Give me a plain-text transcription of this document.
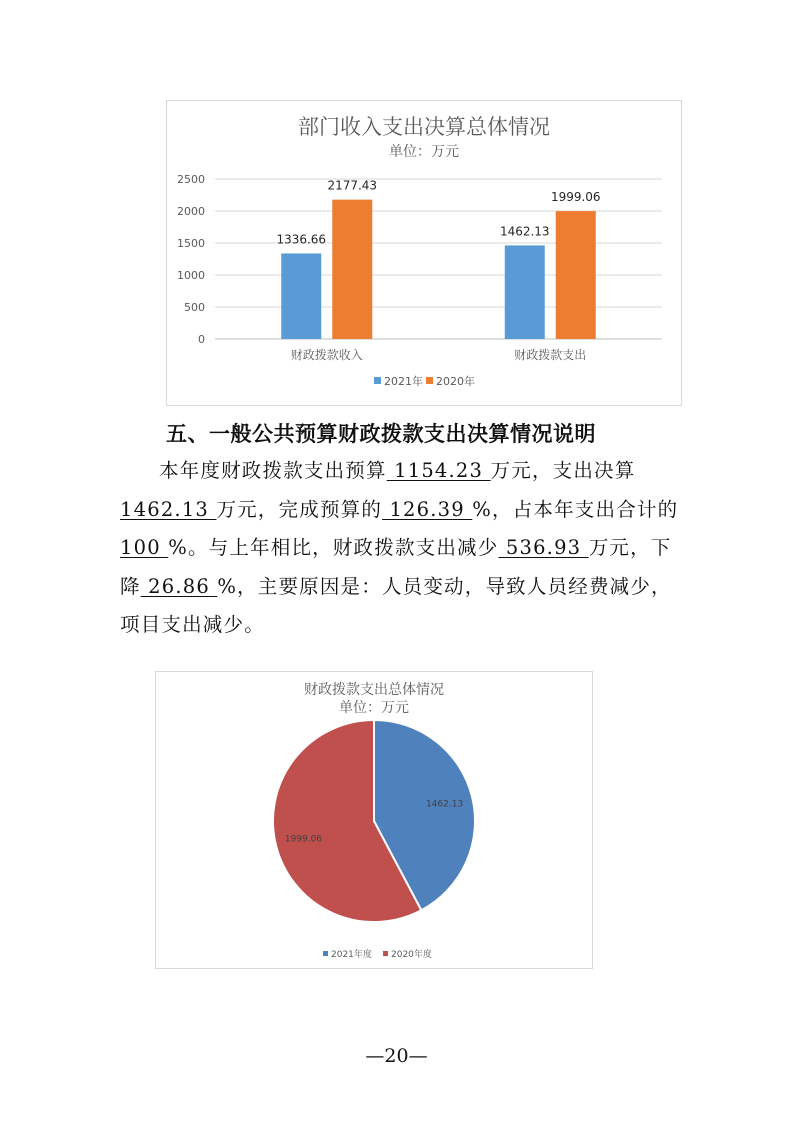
部门收入支出决算总体情况
单位：万元
0
500
1000
1500
2000
2500
1336.66
2177.43
1462.13
1999.06
财政拨款收入	财政拨款支出
2021年 2020年
五、一般公共预算财政拨款支出决算情况说明
本年度财政拨款支出预算 1154.23 万元，支出决算
1462.13 万元，完成预算的 126.39 %，占本年支出合计的
100 %。与上年相比，财政拨款支出减少 536.93 万元，下
降 26.86 %，主要原因是：人员变动，导致人员经费减少，
项目支出减少。
财政拨款支出总体情况
单位：万元
1462.13
1999.06
2021年度 2020年度
—20—
